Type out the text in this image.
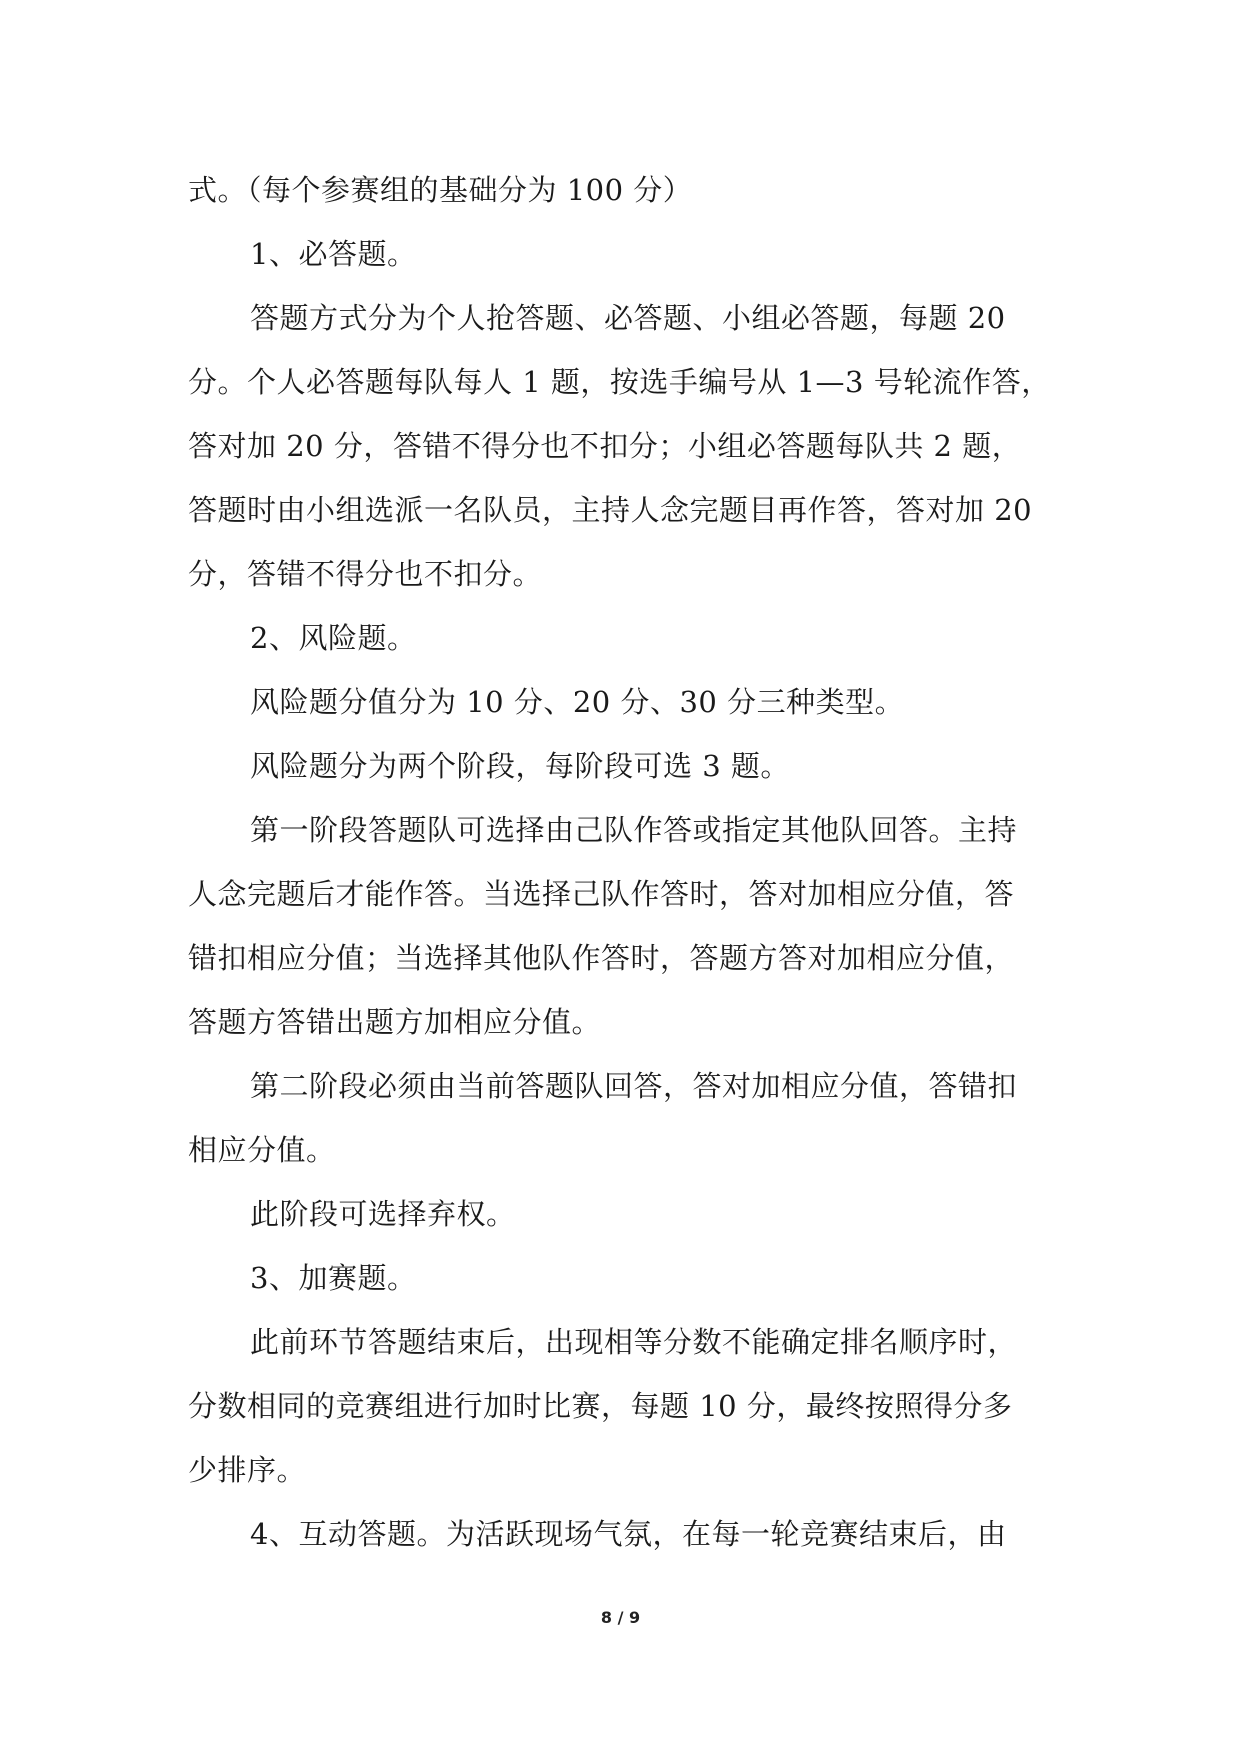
式。（每个参赛组的基础分为 100 分）
1、必答题。
答题方式分为个人抢答题、必答题、小组必答题，每题 20
分。个人必答题每队每人 1 题，按选手编号从 1—3 号轮流作答，
答对加 20 分，答错不得分也不扣分；小组必答题每队共 2 题，
答题时由小组选派一名队员，主持人念完题目再作答，答对加 20
分，答错不得分也不扣分。
2、风险题。
风险题分值分为 10 分、20 分、30 分三种类型。
风险题分为两个阶段，每阶段可选 3 题。
第一阶段答题队可选择由己队作答或指定其他队回答。主持
人念完题后才能作答。当选择己队作答时，答对加相应分值，答
错扣相应分值；当选择其他队作答时，答题方答对加相应分值，
答题方答错出题方加相应分值。
第二阶段必须由当前答题队回答，答对加相应分值，答错扣
相应分值。
此阶段可选择弃权。
3、加赛题。
此前环节答题结束后，出现相等分数不能确定排名顺序时，
分数相同的竞赛组进行加时比赛，每题 10 分，最终按照得分多
少排序。
4、互动答题。为活跃现场气氛，在每一轮竞赛结束后，由
8 / 9
